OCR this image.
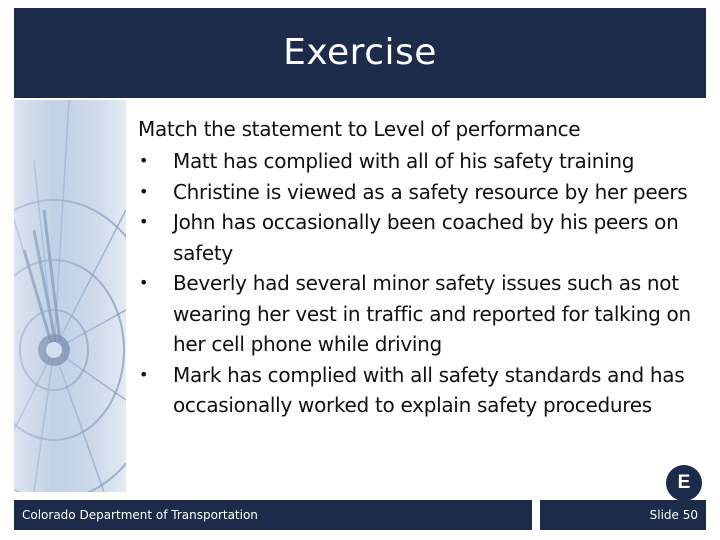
Exercise

Match the statement to Level of performance

• Matt has complied with all of his safety training
• Christine is viewed as a safety resource by her peers
• John has occasionally been coached by his peers on safety
• Beverly had several minor safety issues such as not wearing her vest in traffic and reported for talking on her cell phone while driving
• Mark has complied with all safety standards and has occasionally worked to explain safety procedures
E
Colorado Department of Transportation	Slide 50
